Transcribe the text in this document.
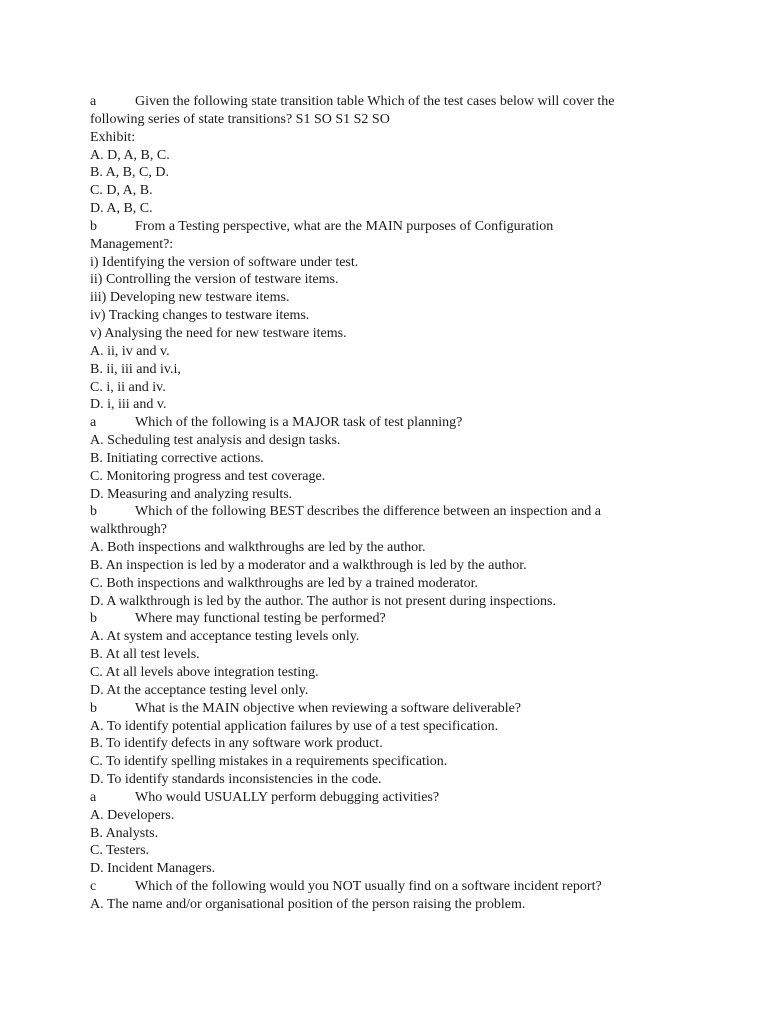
a	Given the following state transition table Which of the test cases below will cover the
following series of state transitions? S1 SO S1 S2 SO
Exhibit:
A. D, A, B, C.
B. A, B, C, D.
C. D, A, B.
D. A, B, C.
b	From a Testing perspective, what are the MAIN purposes of Configuration
Management?:
i) Identifying the version of software under test.
ii) Controlling the version of testware items.
iii) Developing new testware items.
iv) Tracking changes to testware items.
v) Analysing the need for new testware items.
A. ii, iv and v.
B. ii, iii and iv.i,
C. i, ii and iv.
D. i, iii and v.
a	Which of the following is a MAJOR task of test planning?
A. Scheduling test analysis and design tasks.
B. Initiating corrective actions.
C. Monitoring progress and test coverage.
D. Measuring and analyzing results.
b	Which of the following BEST describes the difference between an inspection and a
walkthrough?
A. Both inspections and walkthroughs are led by the author.
B. An inspection is led by a moderator and a walkthrough is led by the author.
C. Both inspections and walkthroughs are led by a trained moderator.
D. A walkthrough is led by the author. The author is not present during inspections.
b	Where may functional testing be performed?
A. At system and acceptance testing levels only.
B. At all test levels.
C. At all levels above integration testing.
D. At the acceptance testing level only.
b	What is the MAIN objective when reviewing a software deliverable?
A. To identify potential application failures by use of a test specification.
B. To identify defects in any software work product.
C. To identify spelling mistakes in a requirements specification.
D. To identify standards inconsistencies in the code.
a	Who would USUALLY perform debugging activities?
A. Developers.
B. Analysts.
C. Testers.
D. Incident Managers.
c	Which of the following would you NOT usually find on a software incident report?
A. The name and/or organisational position of the person raising the problem.
